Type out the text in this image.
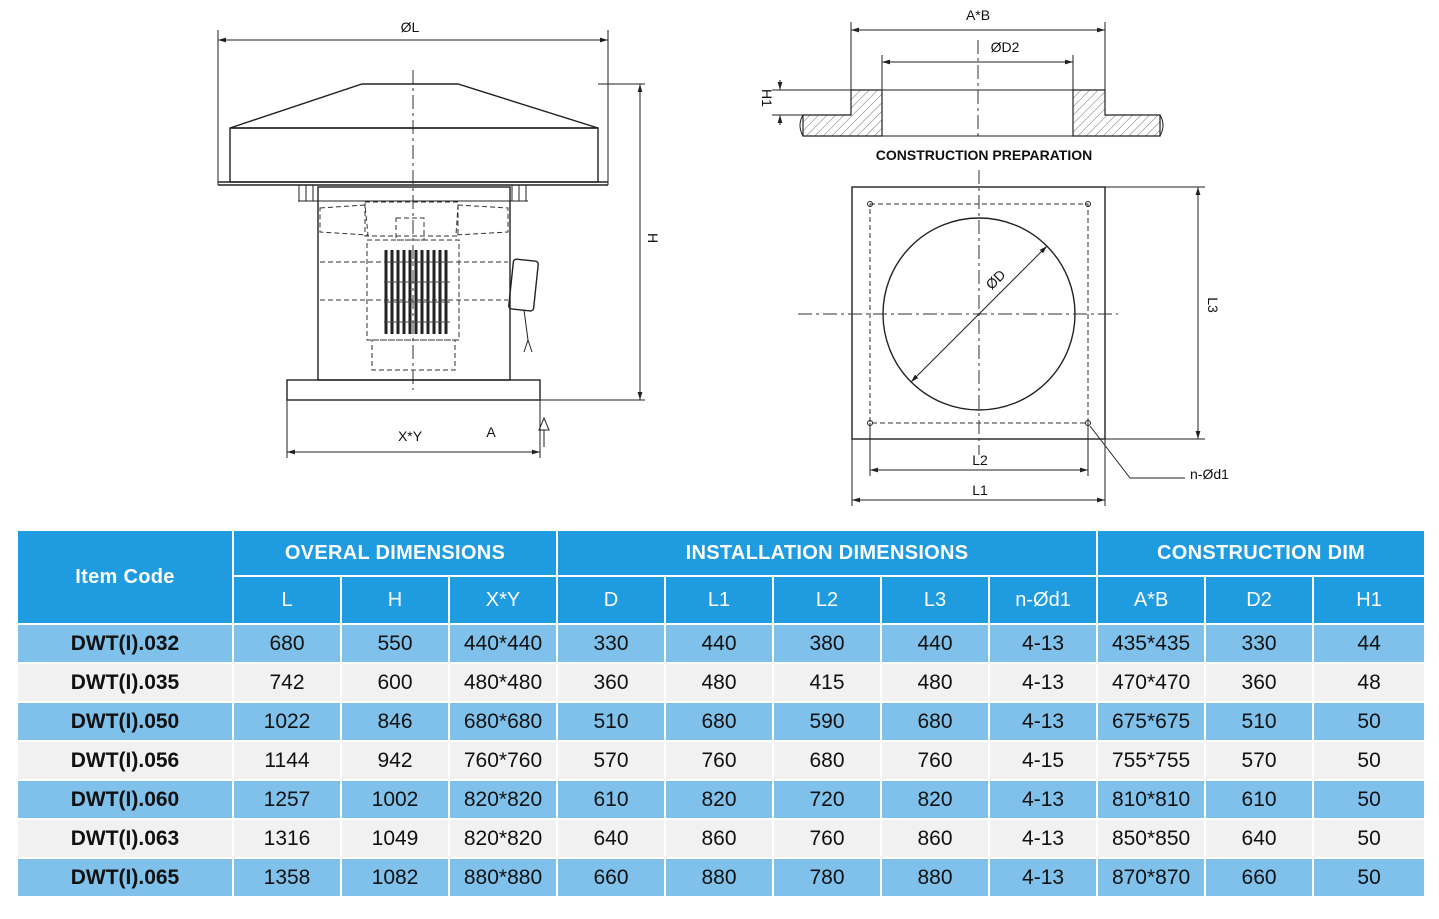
ØL
H
X*Y	A
A*B
ØD2
H1
CONSTRUCTION PREPARATION
ØD
L3
L2
L1
n-Ød1
Item Code	OVERAL DIMENSIONS			INSTALLATION DIMENSIONS					CONSTRUCTION DIM		
	L	H	X*Y	D	L1	L2	L3	n-Ød1	A*B	D2	H1
DWT(I).032	680	550	440*440	330	440	380	440	4-13	435*435	330	44
DWT(I).035	742	600	480*480	360	480	415	480	4-13	470*470	360	48
DWT(I).050	1022	846	680*680	510	680	590	680	4-13	675*675	510	50
DWT(I).056	1144	942	760*760	570	760	680	760	4-15	755*755	570	50
DWT(I).060	1257	1002	820*820	610	820	720	820	4-13	810*810	610	50
DWT(I).063	1316	1049	820*820	640	860	760	860	4-13	850*850	640	50
DWT(I).065	1358	1082	880*880	660	880	780	880	4-13	870*870	660	50
